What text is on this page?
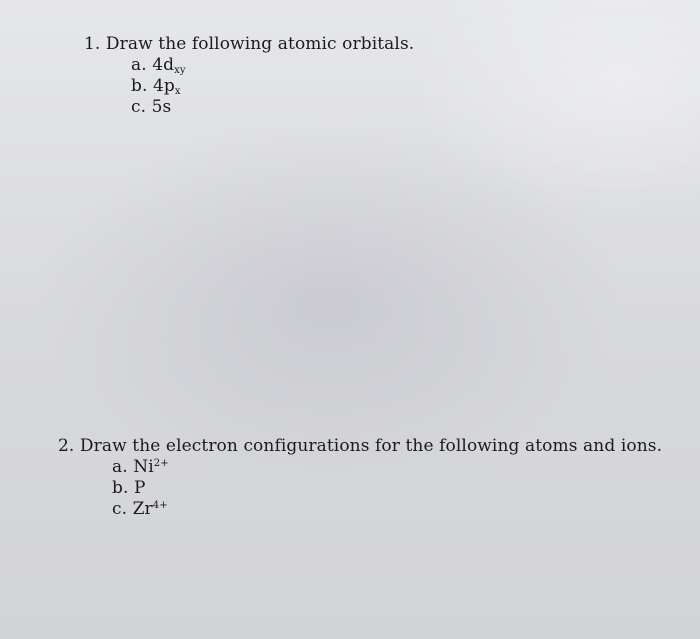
1. Draw the following atomic orbitals.
a. $4d_{xy}$
b. $4p_x$
c. 5s
2. Draw the electron configurations for the following atoms and ions.
a. $Ni^{2+}$
b. P
c. $Zr^{4+}$
